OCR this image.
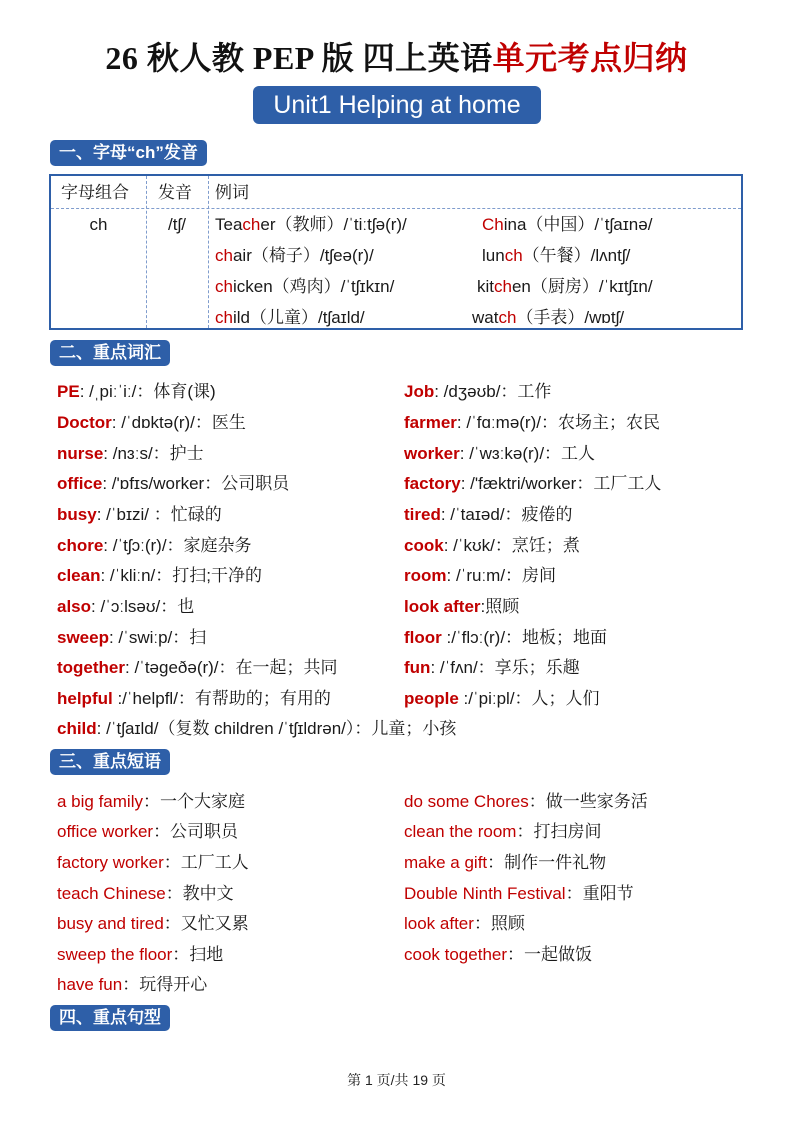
26 秋人教 PEP 版 四上英语单元考点归纳
Unit1 Helping at home
一、字母“ch”发音
字母组合 发音 例词
ch	/tʃ/	Teacher（教师）/ˈtiːtʃə(r)/	China（中国）/ˈtʃaɪnə/
chair（椅子）/tʃeə(r)/	lunch（午餐）/lʌntʃ/
chicken（鸡肉）/ˈtʃɪkɪn/	kitchen（厨房）/ˈkɪtʃɪn/
child（儿童）/tʃaɪld/	watch（手表）/wɒtʃ/
二、重点词汇
PE: /ˌpiːˈiː/：体育(课)	Job: /dʒəʊb/：工作
Doctor: /ˈdɒktə(r)/：医生	farmer: /ˈfɑːmə(r)/：农场主；农民
nurse: /nɜːs/：护士	worker: /ˈwɜːkə(r)/：工人
office: /'ɒfɪs/worker：公司职员	factory: /'fæktri/worker：工厂工人
busy: /ˈbɪzi/ ：忙碌的	tired: /ˈtaɪəd/：疲倦的
chore: /ˈtʃɔː(r)/：家庭杂务	cook: /ˈkʊk/：烹饪；煮
clean: /ˈkliːn/：打扫;干净的	room: /ˈruːm/：房间
also: /ˈɔːlsəʊ/：也	look after:照顾
sweep: /ˈswiːp/：扫	floor :/ˈflɔː(r)/：地板；地面
together: /ˈtəgeðə(r)/：在一起；共同	fun: /ˈfʌn/：享乐；乐趣
helpful :/ˈhelpfl/：有帮助的；有用的	people :/ˈpiːpl/：人；人们
child: /ˈtʃaɪld/（复数 children /ˈtʃɪldrən/）：儿童；小孩
三、重点短语
a big family：一个大家庭	do some Chores：做一些家务活
office worker：公司职员	clean the room：打扫房间
factory worker：工厂工人	make a gift：制作一件礼物
teach Chinese：教中文	Double Ninth Festival：重阳节
busy and tired：又忙又累	look after：照顾
sweep the floor：扫地	cook together：一起做饭
have fun：玩得开心
四、重点句型
第 1 页/共 19 页
